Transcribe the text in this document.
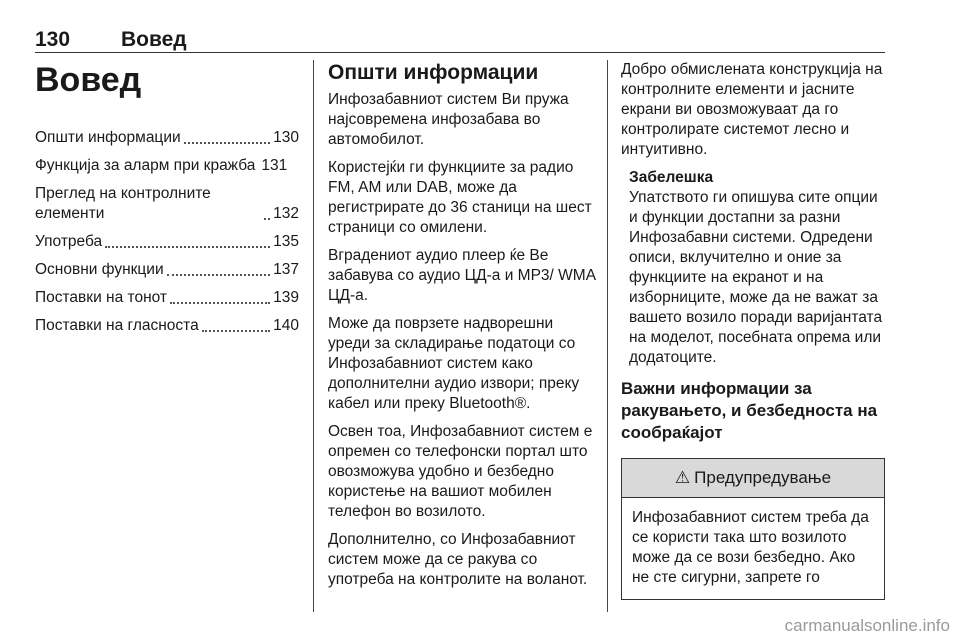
130 Вовед
Вовед
Општи информации	130
Функција за аларм при кражба 131
Преглед на контролните елементи	132
Употреба	135
Основни функции	137
Поставки на тонот	139
Поставки на гласноста	140
Општи информации

Инфозабавниот систем Ви пружа најсовремена инфозабава во автомобилот.

Користејќи ги функциите за радио FM, AM или DAB, може да регистрирате до 36 станици на шест страници со омилени.

Вградениот аудио плеер ќе Ве забавува со аудио ЦД-а и MP3/ WMA ЦД-а.

Може да поврзете надворешни уреди за складирање податоци со Инфозабавниот систем како дополнителни аудио извори; преку кабел или преку Bluetooth®.

Освен тоа, Инфозабавниот систем е опремен со телефонски портал што овозможува удобно и безбедно користење на вашиот мобилен телефон во возилото.

Дополнително, со Инфозабавниот систем може да се ракува со употреба на контролите на воланот.

Добро обмислената конструкција на контролните елементи и јасните екрани ви овозможуваат да го контролирате системот лесно и интуитивно.

Забелешка
Упатството ги опишува сите опции и функции достапни за разни Инфозабавни системи. Одредени описи, вклучително и оние за функциите на екранот и на изборниците, може да не важат за вашето возило поради варијантата на моделот, посебната опрема или додатоците.
Важни информации за ракувањето, и безбедноста на сообраќајот
⚠ Предупредување
Инфозабавниот систем треба да се користи така што возилото може да се вози безбедно. Ако не сте сигурни, запрете го
carmanualsonline.info
